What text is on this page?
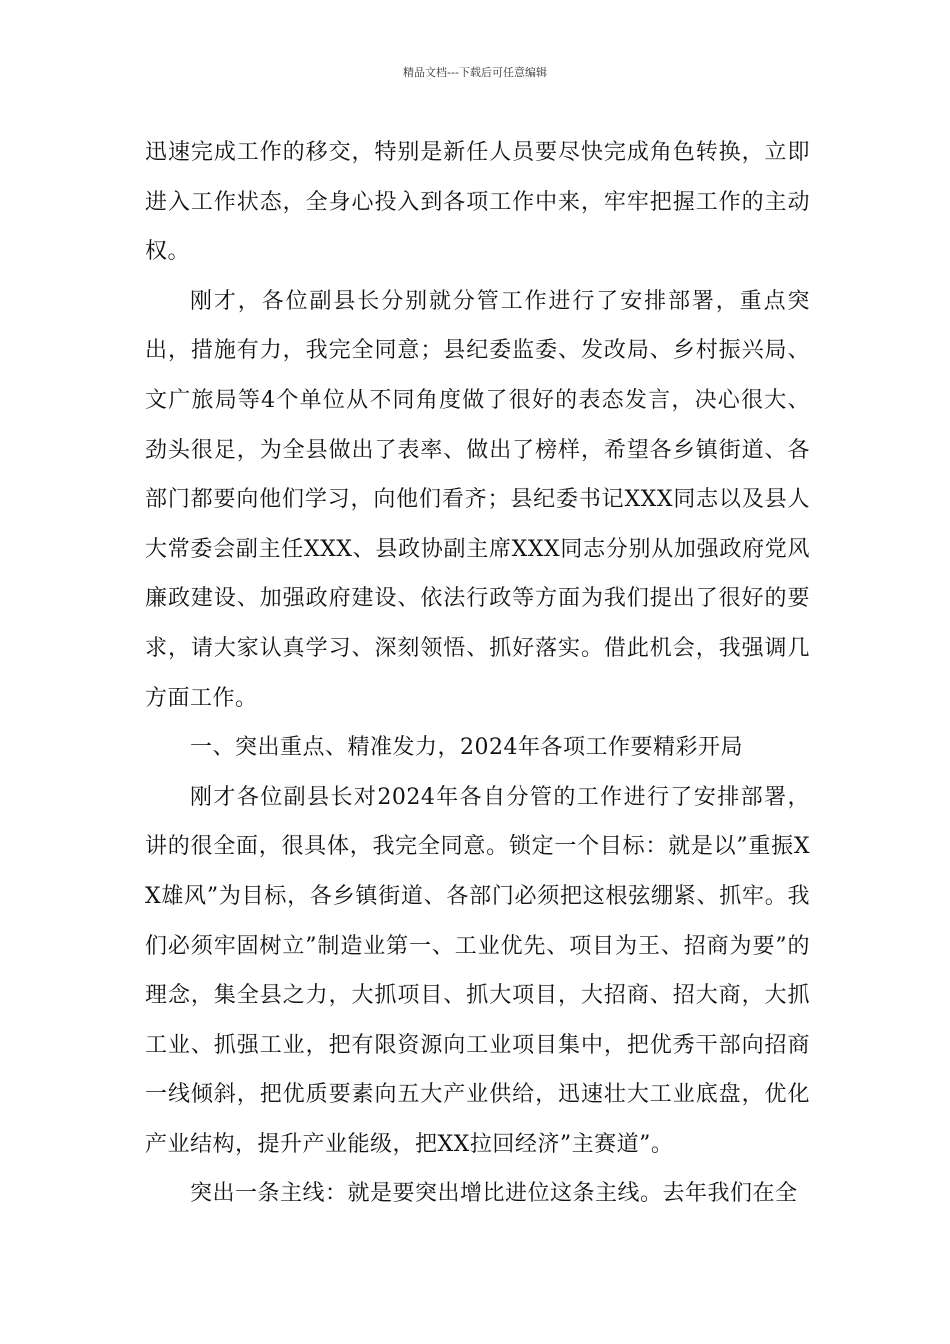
精品文档---下载后可任意编辑

迅速完成工作的移交，特别是新任人员要尽快完成角色转换，立即进入工作状态，全身心投入到各项工作中来，牢牢把握工作的主动权。

刚才，各位副县长分别就分管工作进行了安排部署，重点突出，措施有力，我完全同意；县纪委监委、发改局、乡村振兴局、文广旅局等4个单位从不同角度做了很好的表态发言，决心很大、劲头很足，为全县做出了表率、做出了榜样，希望各乡镇街道、各部门都要向他们学习，向他们看齐；县纪委书记XXX同志以及县人大常委会副主任XXX、县政协副主席XXX同志分别从加强政府党风廉政建设、加强政府建设、依法行政等方面为我们提出了很好的要求，请大家认真学习、深刻领悟、抓好落实。借此机会，我强调几方面工作。

一、突出重点、精准发力，2024年各项工作要精彩开局

刚才各位副县长对2024年各自分管的工作进行了安排部署，讲的很全面，很具体，我完全同意。锁定一个目标：就是以”重振XX雄风”为目标，各乡镇街道、各部门必须把这根弦绷紧、抓牢。我们必须牢固树立”制造业第一、工业优先、项目为王、招商为要”的理念，集全县之力，大抓项目、抓大项目，大招商、招大商，大抓工业、抓强工业，把有限资源向工业项目集中，把优秀干部向招商一线倾斜，把优质要素向五大产业供给，迅速壮大工业底盘，优化产业结构，提升产业能级，把XX拉回经济”主赛道”。

突出一条主线：就是要突出增比进位这条主线。去年我们在全
